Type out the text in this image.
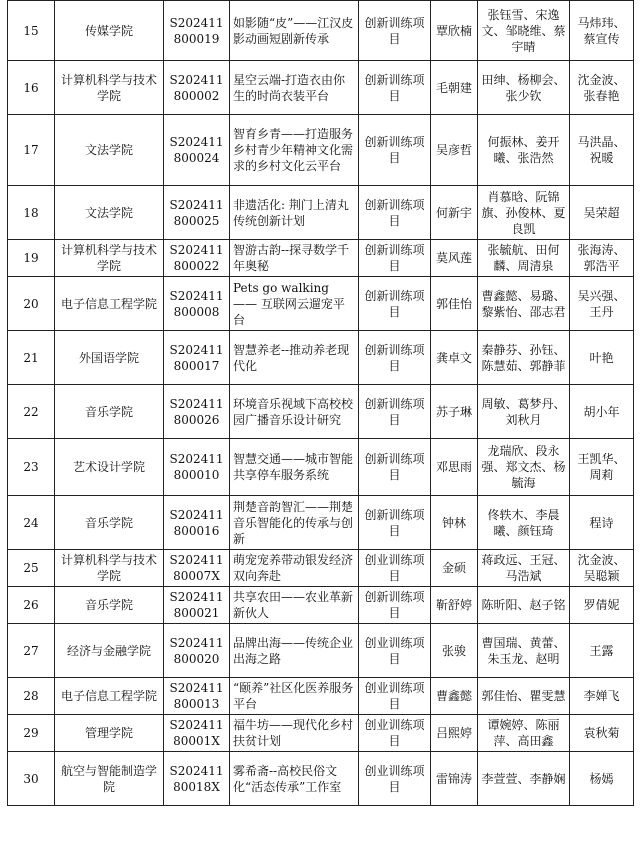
15	传媒学院	S202411800019	如影随“皮”——江汉皮影动画短剧新传承	创新训练项目	覃欣楠	张钰雪、宋逸文、邹晓维、蔡宇晴	马炜玮、蔡宣传
16	计算机科学与技术学院	S202411800002	星空云端-打造衣由你生的时尚衣装平台	创新训练项目	毛朝建	田绅、杨柳会、张少钦	沈金波、张春艳
17	文法学院	S202411800024	智育乡青——打造服务乡村青少年精神文化需求的乡村文化云平台	创新训练项目	吴彦哲	何振林、姜开曦、张浩然	马洪晶、祝暖
18	文法学院	S202411800025	非遗活化: 荆门上清丸传统创新计划	创新训练项目	何新宇	肖慕晗、阮锦旗、孙俊林、夏良凯	吴荣超
19	计算机科学与技术学院	S202411800022	智游古韵--探寻数学千年奥秘	创新训练项目	莫风莲	张毓航、田何麟、周清泉	张海涛、郭浩平
20	电子信息工程学院	S202411800008	Pets go walking —— 互联网云遛宠平台	创新训练项目	郭佳怡	曹鑫懿、易璐、黎紫怡、邵志君	吴兴强、王丹
21	外国语学院	S202411800017	智慧养老--推动养老现代化	创新训练项目	龚卓文	秦静芬、孙钰、陈慧茹、郭静菲	叶艳
22	音乐学院	S202411800026	环境音乐视域下高校校园广播音乐设计研究	创新训练项目	苏子琳	周敏、葛梦丹、刘秋月	胡小年
23	艺术设计学院	S202411800010	智慧交通——城市智能共享停车服务系统	创新训练项目	邓思雨	龙瑞欣、段永强、郑文杰、杨毓海	王凯华、周莉
24	音乐学院	S202411800016	荆楚音韵智汇——荆楚音乐智能化的传承与创新	创新训练项目	钟林	佟轶木、李晨曦、颜钰琦	程诗
25	计算机科学与技术学院	S20241180007X	萌宠宠养带动银发经济双向奔赴	创业训练项目	金硕	蒋政远、王冠、马浩斌	沈金波、吴聪颖
26	音乐学院	S202411800021	共享农田——农业革新新伙人	创新训练项目	靳舒婷	陈昕阳、赵子铭	罗倩妮
27	经济与金融学院	S202411800020	品牌出海——传统企业出海之路	创业训练项目	张骏	曹国瑞、黄蕾、朱玉龙、赵明	王露
28	电子信息工程学院	S202411800013	“颐养”社区化医养服务平台	创业训练项目	曹鑫懿	郭佳怡、瞿雯慧	李婵飞
29	管理学院	S20241180001X	福牛坊——现代化乡村扶贫计划	创业训练项目	吕熙婷	谭婉婷、陈丽萍、高田鑫	袁秋菊
30	航空与智能制造学院	S20241180018X	雾希斋--高校民俗文化“活态传承”工作室	创业训练项目	雷锦涛	李萱萱、李静娴	杨嫣
